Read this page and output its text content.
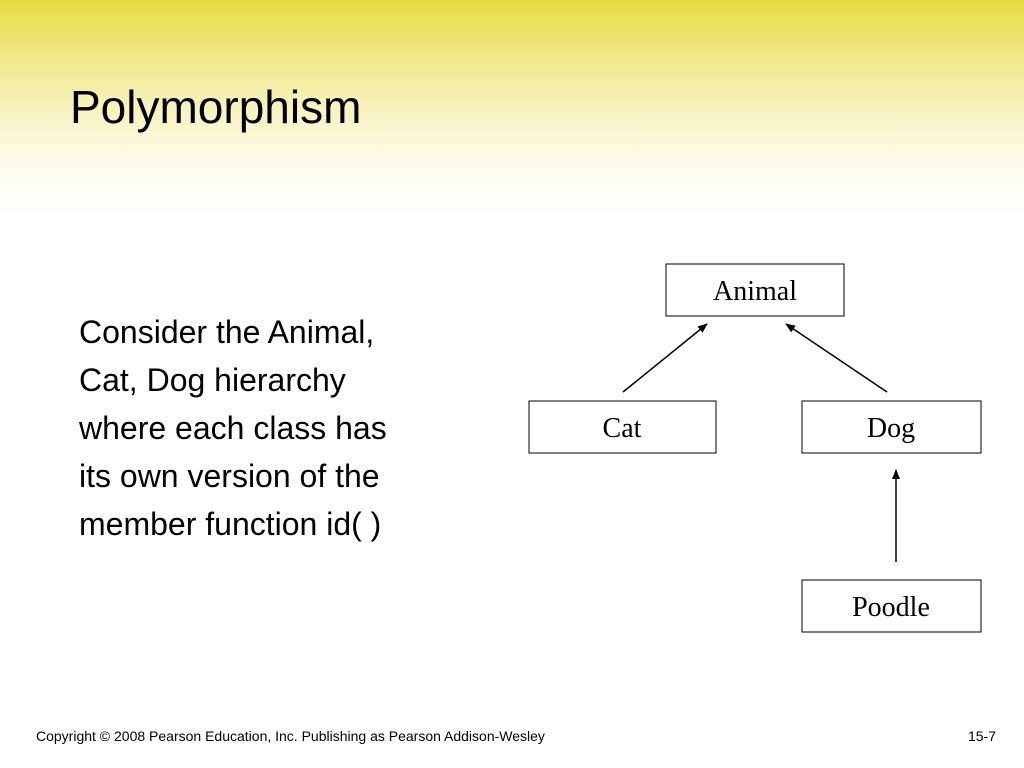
Polymorphism
Consider the Animal,
Cat, Dog hierarchy
where each class has
its own version of the
member function id( )
Animal
Cat	Dog
Poodle
Copyright © 2008 Pearson Education, Inc. Publishing as Pearson Addison-Wesley	15-7
